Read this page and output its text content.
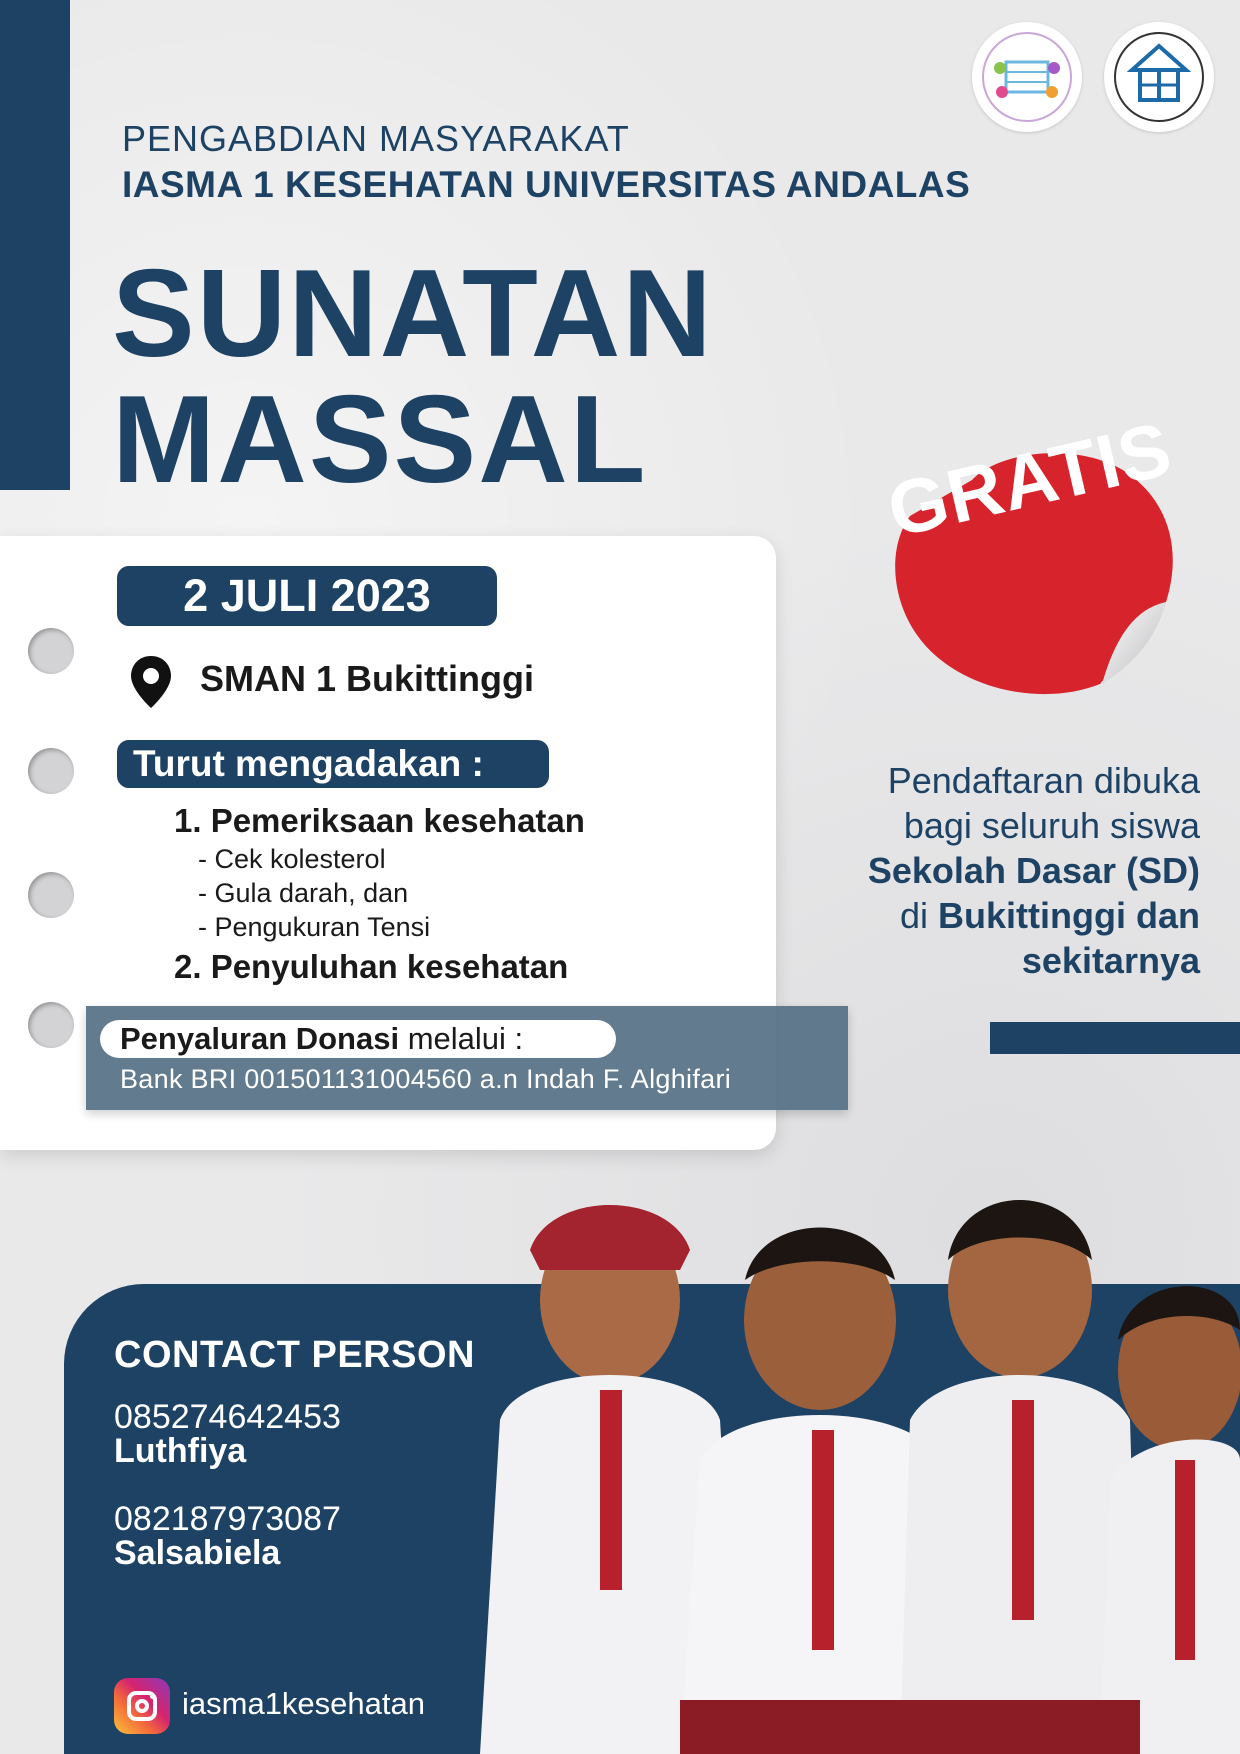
PENGABDIAN MASYARAKAT
IASMA 1 KESEHATAN UNIVERSITAS ANDALAS
SUNATAN
MASSAL	GRATIS
2 JULI 2023
SMAN 1 Bukittinggi
Turut mengadakan :
1. Pemeriksaan kesehatan
- Cek kolesterol
- Gula darah, dan
- Pengukuran Tensi
2. Penyuluhan kesehatan
Penyaluran Donasi melalui :
Bank BRI 001501131004560 a.n Indah F. Alghifari
Pendaftaran dibuka
bagi seluruh siswa
Sekolah Dasar (SD)
di Bukittinggi dan
sekitarnya
CONTACT PERSON
085274642453
Luthfiya
082187973087
Salsabiela
iasma1kesehatan
